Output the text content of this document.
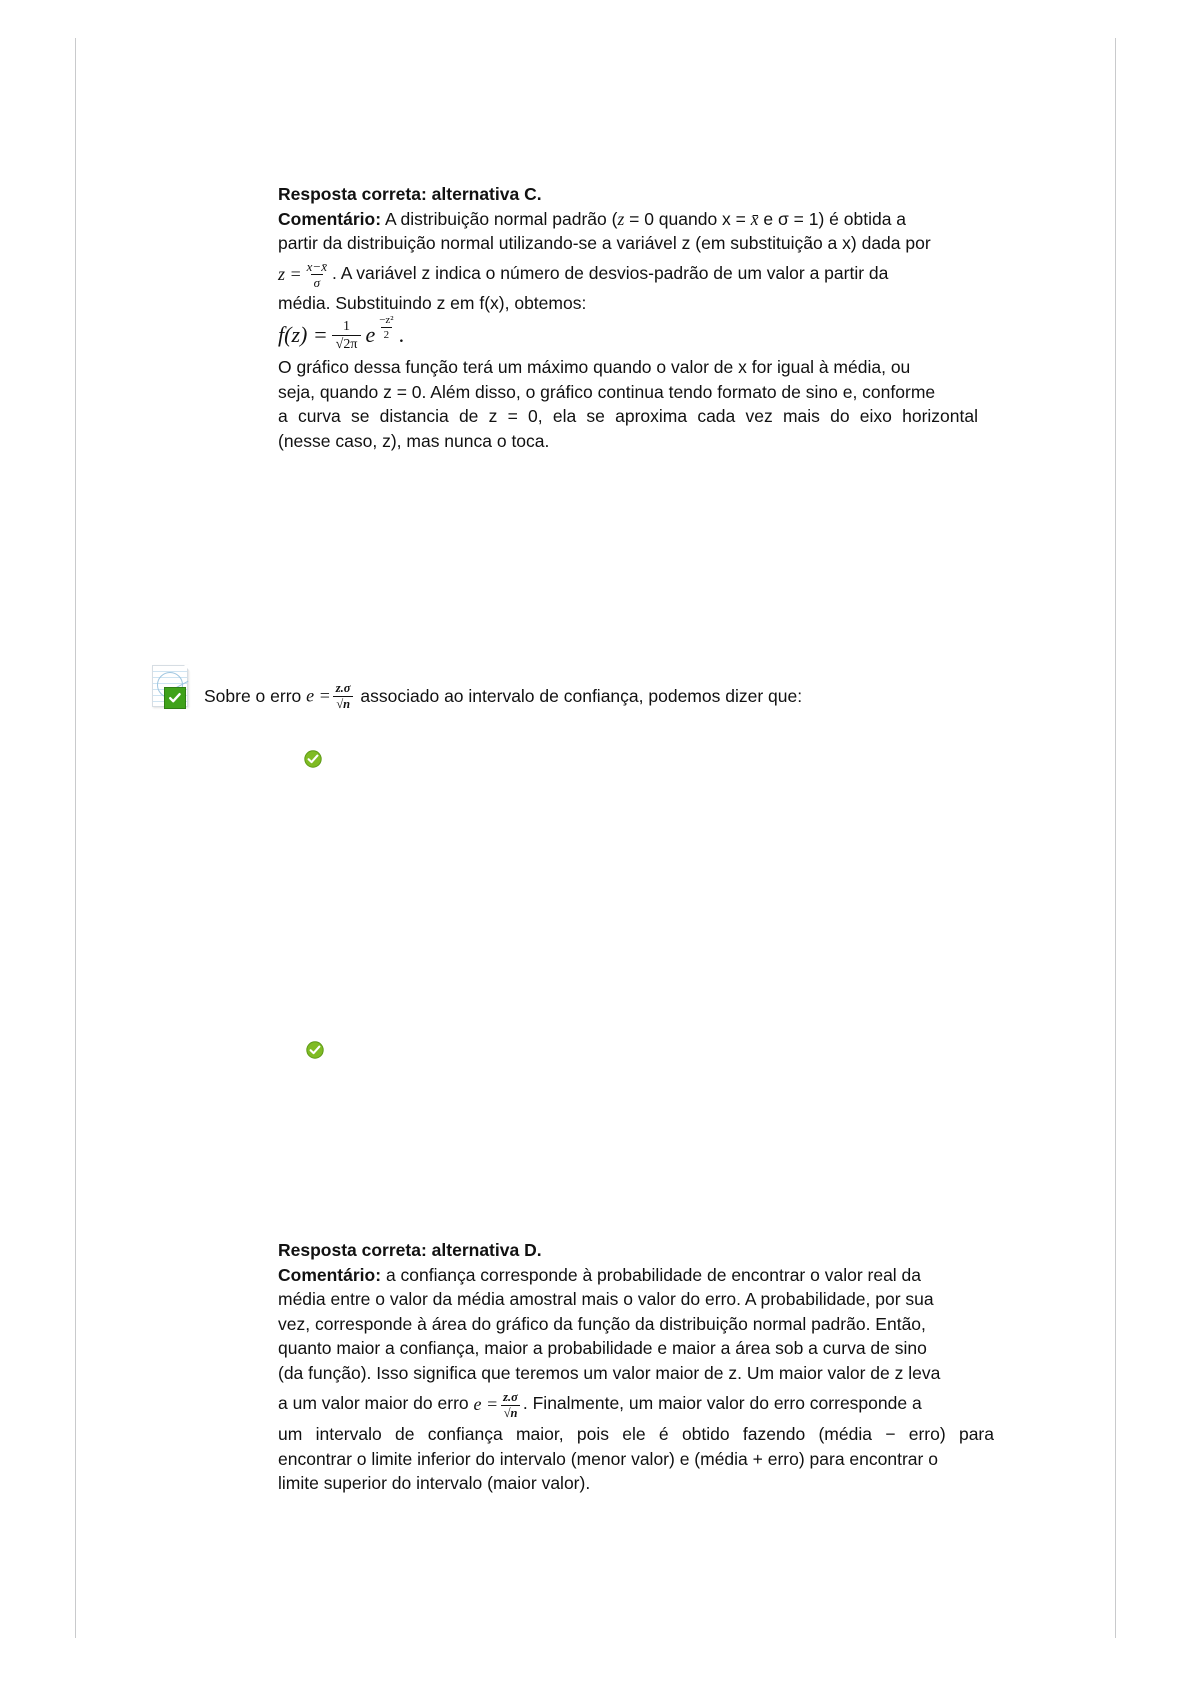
Resposta correta: alternativa C.
Comentário: A distribuição normal padrão (z = 0 quando x = x̄ e σ = 1) é obtida a
partir da distribuição normal utilizando-se a variável z (em substituição a x) dada por
$z = \frac{x-x̄}{\sigma}$ . A variável z indica o número de desvios-padrão de um valor a partir da
média. Substituindo z em f(x), obtemos:
$f(z) = \frac{1}{√2\pi}$ e $\frac{\text{−z²}}{2}$ .
O gráfico dessa função terá um máximo quando o valor de x for igual à média, ou
seja, quando z = 0. Além disso, o gráfico continua tendo formato de sino e, conforme
a curva se distancia de z = 0, ela se aproxima cada vez mais do eixo horizontal
(nesse caso, z), mas nunca o toca.
Sobre o erro $e = \frac{z.\sigma}{√n}$ associado ao intervalo de confiança, podemos dizer que:
Resposta correta: alternativa D.
Comentário: a confiança corresponde à probabilidade de encontrar o valor real da
média entre o valor da média amostral mais o valor do erro. A probabilidade, por sua
vez, corresponde à área do gráfico da função da distribuição normal padrão. Então,
quanto maior a confiança, maior a probabilidade e maior a área sob a curva de sino
(da função). Isso significa que teremos um valor maior de z. Um maior valor de z leva
a um valor maior do erro $e = \frac{z.\sigma}{√n}$ . Finalmente, um maior valor do erro corresponde a
um intervalo de confiança maior, pois ele é obtido fazendo (média − erro) para
encontrar o limite inferior do intervalo (menor valor) e (média + erro) para encontrar o
limite superior do intervalo (maior valor).
